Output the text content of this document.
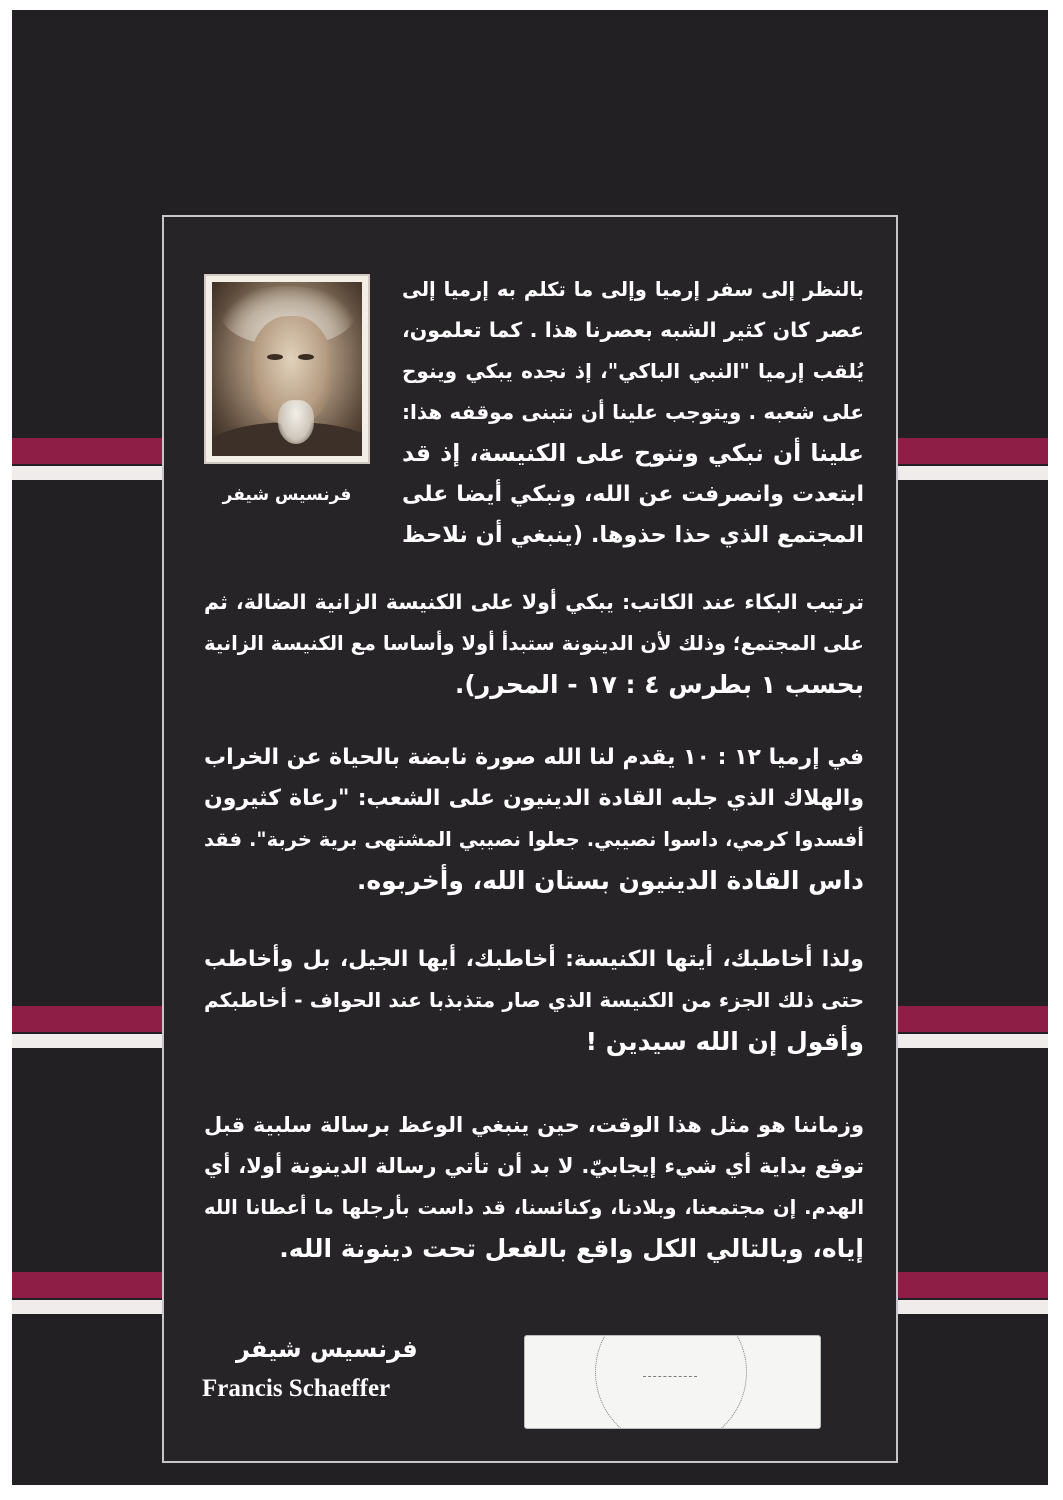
فرنسيس شيفر
بالنظر إلى سفر إرميا وإلى ما تكلم به إرميا إلى
عصر كان كثير الشبه بعصرنا هذا . كما تعلمون،
يُلقب إرميا "النبي الباكي"، إذ نجده يبكي وينوح
على شعبه . ويتوجب علينا أن نتبنى موقفه هذا:
علينا أن نبكي وننوح على الكنيسة، إذ قد
ابتعدت وانصرفت عن الله، ونبكي أيضا على
المجتمع الذي حذا حذوها. (ينبغي أن نلاحظ
ترتيب البكاء عند الكاتب: يبكي أولا على الكنيسة الزانية الضالة، ثم
على المجتمع؛ وذلك لأن الدينونة ستبدأ أولا وأساسا مع الكنيسة الزانية
بحسب ١ بطرس ٤ : ١٧ - المحرر).
في إرميا ١٢ : ١٠ يقدم لنا الله صورة نابضة بالحياة عن الخراب
والهلاك الذي جلبه القادة الدينيون على الشعب: "رعاة كثيرون
أفسدوا كرمي، داسوا نصيبي. جعلوا نصيبي المشتهى برية خربة". فقد
داس القادة الدينيون بستان الله، وأخربوه.
ولذا أخاطبك، أيتها الكنيسة: أخاطبك، أيها الجيل، بل وأخاطب
حتى ذلك الجزء من الكنيسة الذي صار متذبذبا عند الحواف - أخاطبكم
وأقول إن الله سيدين !
وزماننا هو مثل هذا الوقت، حين ينبغي الوعظ برسالة سلبية قبل
توقع بداية أي شيء إيجابيّ. لا بد أن تأتي رسالة الدينونة أولا، أي
الهدم. إن مجتمعنا، وبلادنا، وكنائسنا، قد داست بأرجلها ما أعطانا الله
إياه، وبالتالي الكل واقع بالفعل تحت دينونة الله.
فرنسيس شيفر
Francis Schaeffer
